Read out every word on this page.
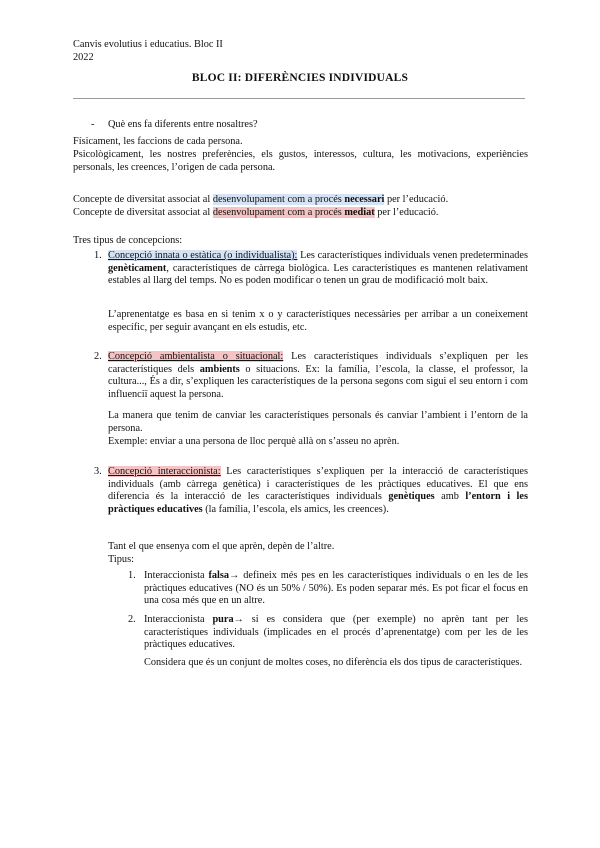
Canvis evolutius i educatius. Bloc II
2022
BLOC II: DIFERÈNCIES INDIVIDUALS
- Què ens fa diferents entre nosaltres?
Físicament, les faccions de cada persona.
Psicològicament, les nostres preferències, els gustos, interessos, cultura, les motivacions, experiències personals, les creences, l’origen de cada persona.
Concepte de diversitat associat al desenvolupament com a procés necessari per l’educació.
Concepte de diversitat associat al desenvolupament com a procés mediat per l’educació.
Tres tipus de concepcions:
1. Concepció innata o estàtica (o individualista): Les característiques individuals venen predeterminades genèticament, característiques de càrrega biològica. Les característiques es mantenen relativament estables al llarg del temps. No es poden modificar o tenen un grau de modificació molt baix.
L’aprenentatge es basa en si tenim x o y característiques necessàries per arribar a un coneixement específic, per seguir avançant en els estudis, etc.
2. Concepció ambientalista o situacional: Les característiques individuals s’expliquen per les característiques dels ambients o situacions. Ex: la família, l’escola, la classe, el professor, la cultura..., És a dir, s’expliquen les característiques de la persona segons com sigui el seu entorn i com influenciï aquest la persona.
La manera que tenim de canviar les característiques personals és canviar l’ambient i l’entorn de la persona.
Exemple: enviar a una persona de lloc perquè allà on s’asseu no aprèn.
3. Concepció interaccionista: Les característiques s’expliquen per la interacció de característiques individuals (amb càrrega genètica) i característiques de les pràctiques educatives. El que ens diferencia és la interacció de les característiques individuals genètiques amb l’entorn i les pràctiques educatives (la família, l’escola, els amics, les creences).
Tant el que ensenya com el que aprèn, depèn de l’altre.
Tipus:
1. Interaccionista falsa→ defineix més pes en les característiques individuals o en les de les pràctiques educatives (NO és un 50% / 50%). Es poden separar més. Es pot ficar el focus en una cosa més que en un altre.
2. Interaccionista pura→ si es considera que (per exemple) no aprèn tant per les característiques individuals (implicades en el procés d’aprenentatge) com per les de les pràctiques educatives.
Considera que és un conjunt de moltes coses, no diferència els dos tipus de característiques.
